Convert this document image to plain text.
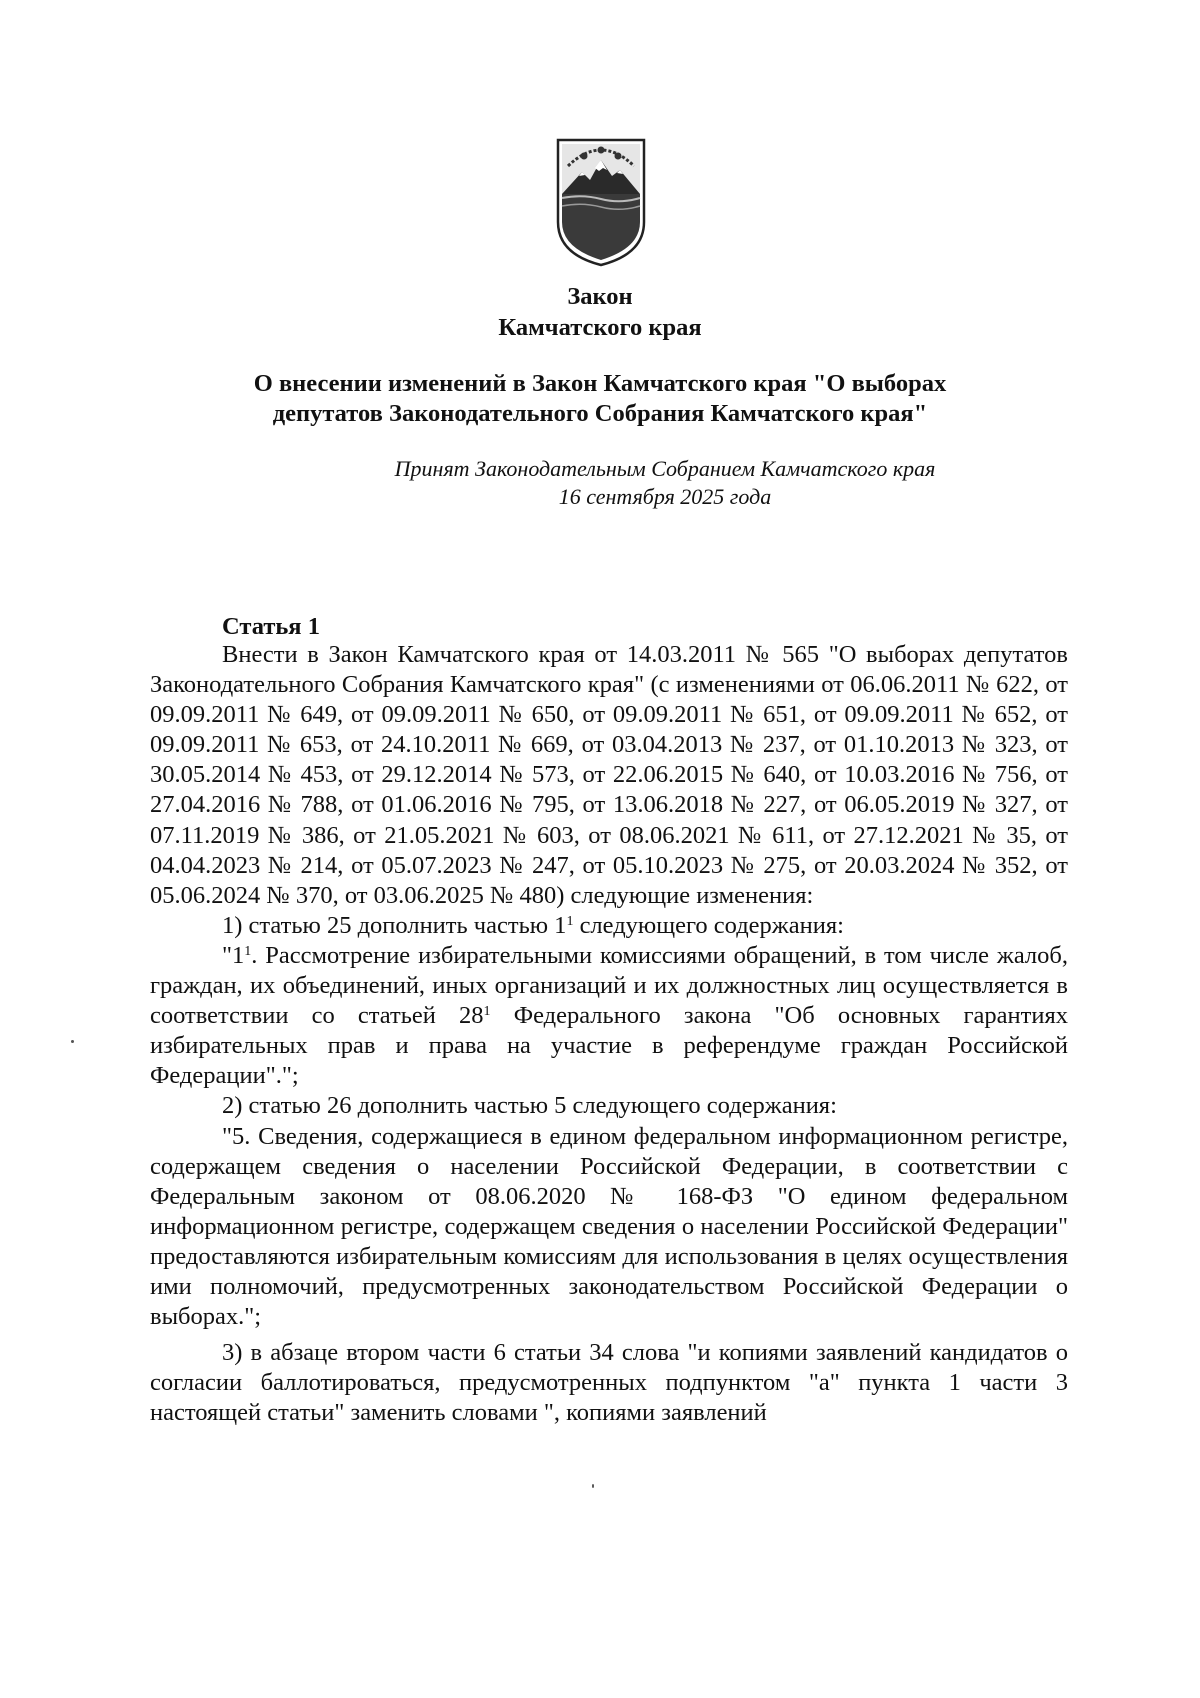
Закон
Камчатского края
О внесении изменений в Закон Камчатского края "О выборах
депутатов Законодательного Собрания Камчатского края"
Принят Законодательным Собранием Камчатского края
16 сентября 2025 года
Статья 1

Внести в Закон Камчатского края от 14.03.2011 № 565 "О выборах депутатов Законодательного Собрания Камчатского края" (с изменениями от 06.06.2011 № 622, от 09.09.2011 № 649, от 09.09.2011 № 650, от 09.09.2011 № 651, от 09.09.2011 № 652, от 09.09.2011 № 653, от 24.10.2011 № 669, от 03.04.2013 № 237, от 01.10.2013 № 323, от 30.05.2014 № 453, от 29.12.2014 № 573, от 22.06.2015 № 640, от 10.03.2016 № 756, от 27.04.2016 № 788, от 01.06.2016 № 795, от 13.06.2018 № 227, от 06.05.2019 № 327, от 07.11.2019 № 386, от 21.05.2021 № 603, от 08.06.2021 № 611, от 27.12.2021 № 35, от 04.04.2023 № 214, от 05.07.2023 № 247, от 05.10.2023 № 275, от 20.03.2024 № 352, от 05.06.2024 № 370, от 03.06.2025 № 480) следующие изменения:

1) статью 25 дополнить частью $1^1$ следующего содержания:

"$1^1$. Рассмотрение избирательными комиссиями обращений, в том числе жалоб, граждан, их объединений, иных организаций и их должностных лиц осуществляется в соответствии со статьей $28^1$ Федерального закона "Об основных гарантиях избирательных прав и права на участие в референдуме граждан Российской Федерации".";

2) статью 26 дополнить частью 5 следующего содержания:

"5. Сведения, содержащиеся в едином федеральном информационном регистре, содержащем сведения о населении Российской Федерации, в соответствии с Федеральным законом от 08.06.2020 № 168-ФЗ "О едином федеральном информационном регистре, содержащем сведения о населении Российской Федерации" предоставляются избирательным комиссиям для использования в целях осуществления ими полномочий, предусмотренных законодательством Российской Федерации о выборах.";

3) в абзаце втором части 6 статьи 34 слова "и копиями заявлений кандидатов о согласии баллотироваться, предусмотренных подпунктом "а" пункта 1 части 3 настоящей статьи" заменить словами ", копиями заявлений
